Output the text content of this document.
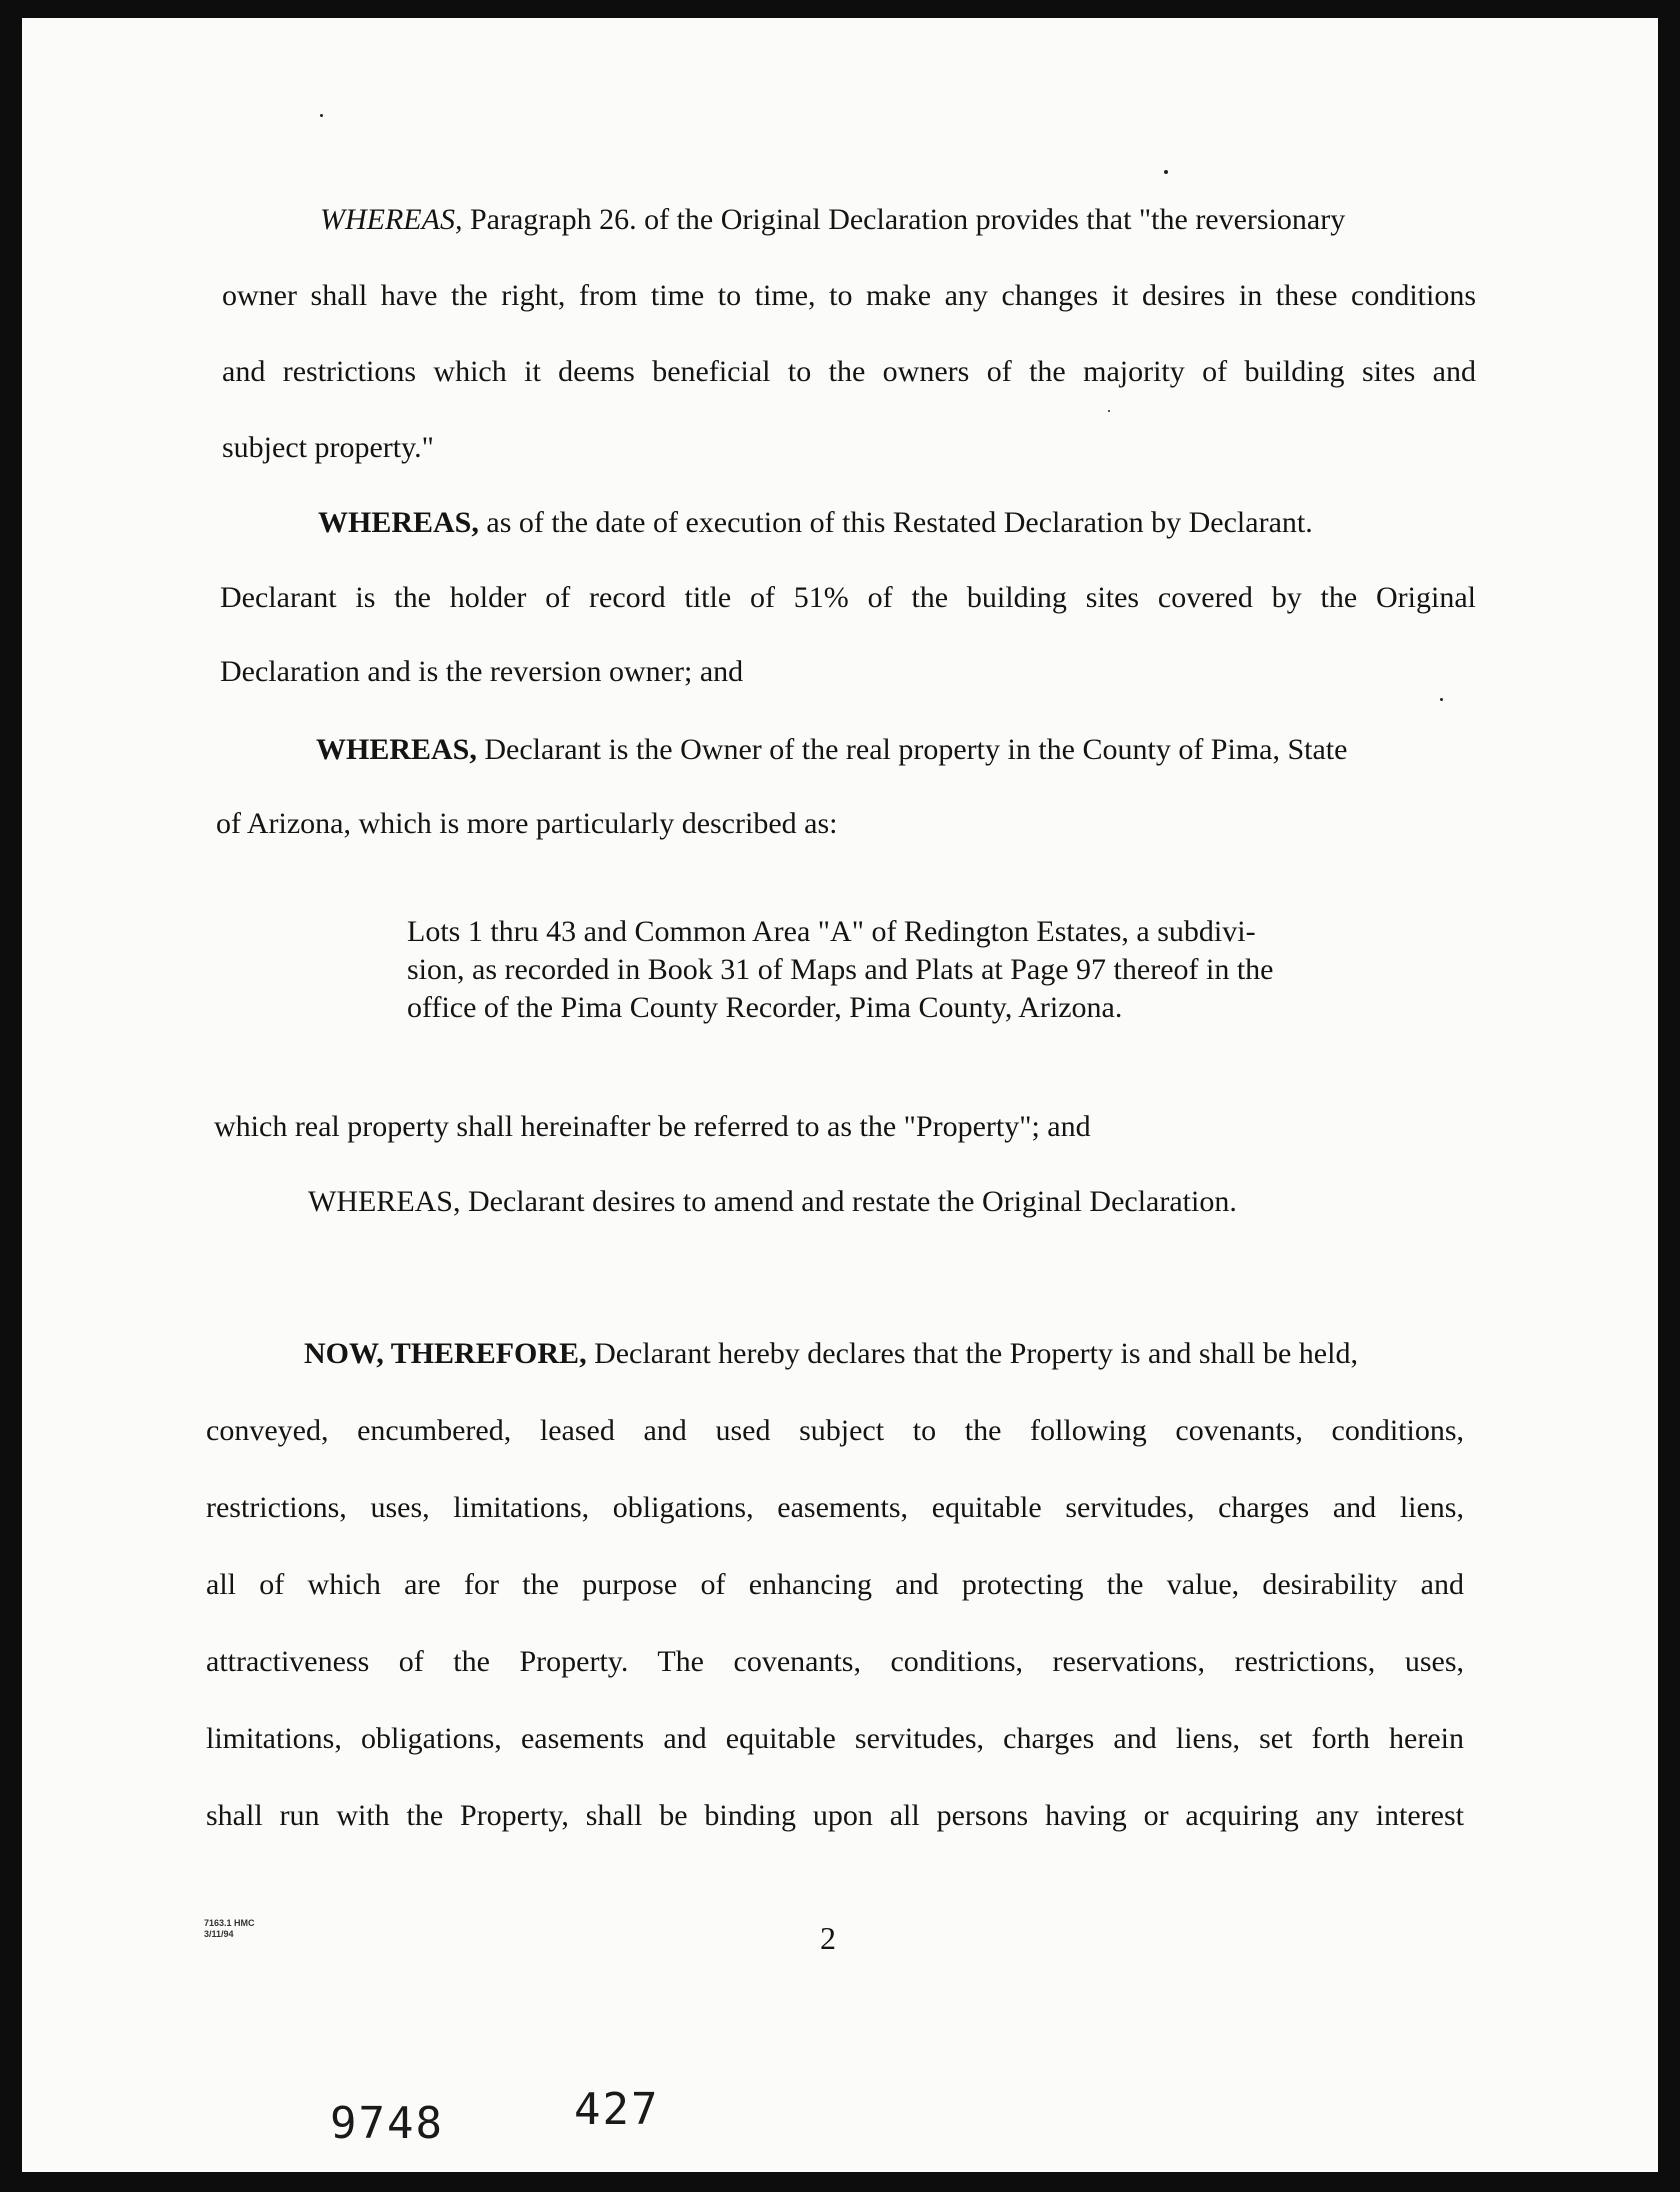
WHEREAS, Paragraph 26. of the Original Declaration provides that "the reversionary

owner shall have the right, from time to time, to make any changes it desires in these conditions

and restrictions which it deems beneficial to the owners of the majority of building sites and

subject property."

WHEREAS, as of the date of execution of this Restated Declaration by Declarant.

Declarant is the holder of record title of 51% of the building sites covered by the Original

Declaration and is the reversion owner; and

WHEREAS, Declarant is the Owner of the real property in the County of Pima, State

of Arizona, which is more particularly described as:

Lots 1 thru 43 and Common Area "A" of Redington Estates, a subdivi-
sion, as recorded in Book 31 of Maps and Plats at Page 97 thereof in the
office of the Pima County Recorder, Pima County, Arizona.

which real property shall hereinafter be referred to as the "Property"; and

WHEREAS, Declarant desires to amend and restate the Original Declaration.

NOW, THEREFORE, Declarant hereby declares that the Property is and shall be held,

conveyed, encumbered, leased and used subject to the following covenants, conditions,

restrictions, uses, limitations, obligations, easements, equitable servitudes, charges and liens,

all of which are for the purpose of enhancing and protecting the value, desirability and

attractiveness of the Property. The covenants, conditions, reservations, restrictions, uses,

limitations, obligations, easements and equitable servitudes, charges and liens, set forth herein

shall run with the Property, shall be binding upon all persons having or acquiring any interest

7163.1 HMC
3/11/94	2

9748	427
